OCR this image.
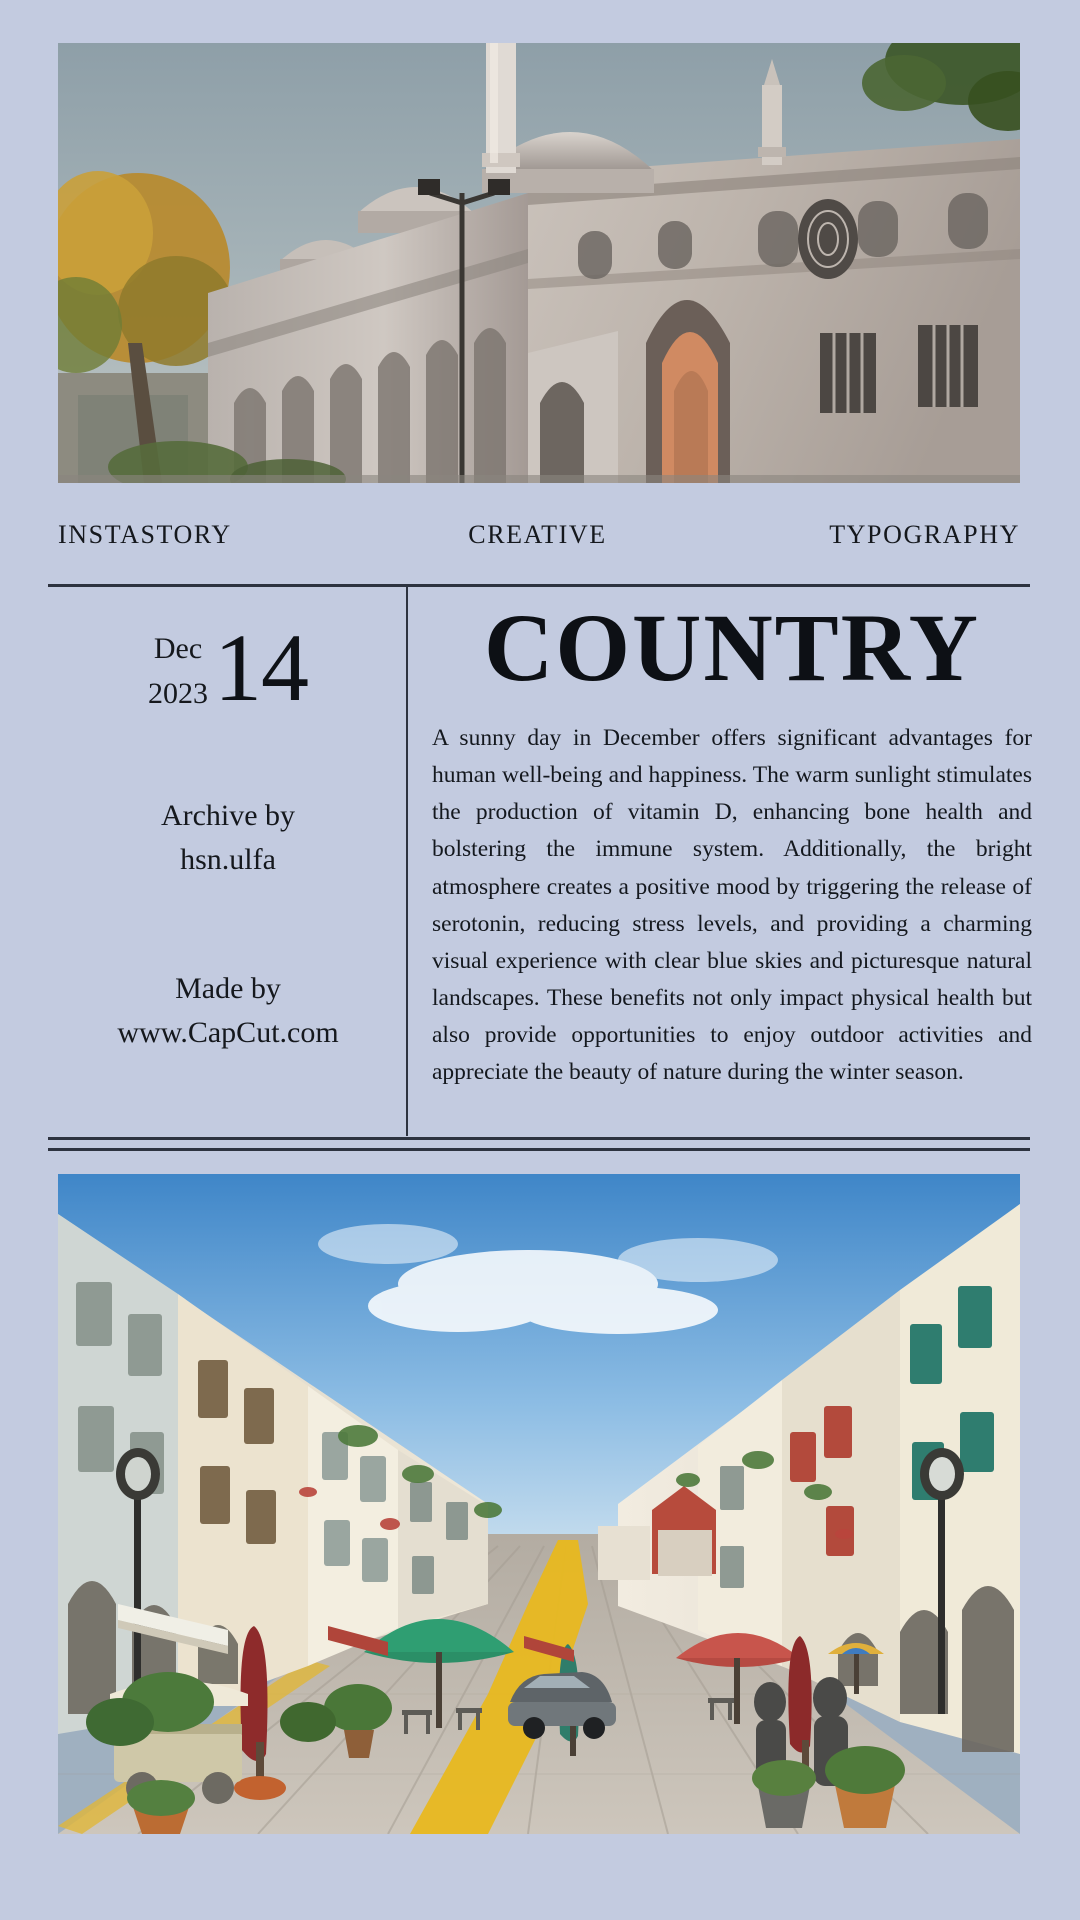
INSTASTORY	CREATIVE	TYPOGRAPHY
Dec
2023 14
Archive by
hsn.ulfa
Made by
www.CapCut.com
COUNTRY

A sunny day in December offers significant advantages for human well-being and happiness. The warm sunlight stimulates the production of vitamin D, enhancing bone health and bolstering the immune system. Additionally, the bright atmosphere creates a positive mood by triggering the release of serotonin, reducing stress levels, and providing a charming visual experience with clear blue skies and picturesque natural landscapes. These benefits not only impact physical health but also provide opportunities to enjoy outdoor activities and appreciate the beauty of nature during the winter season.
